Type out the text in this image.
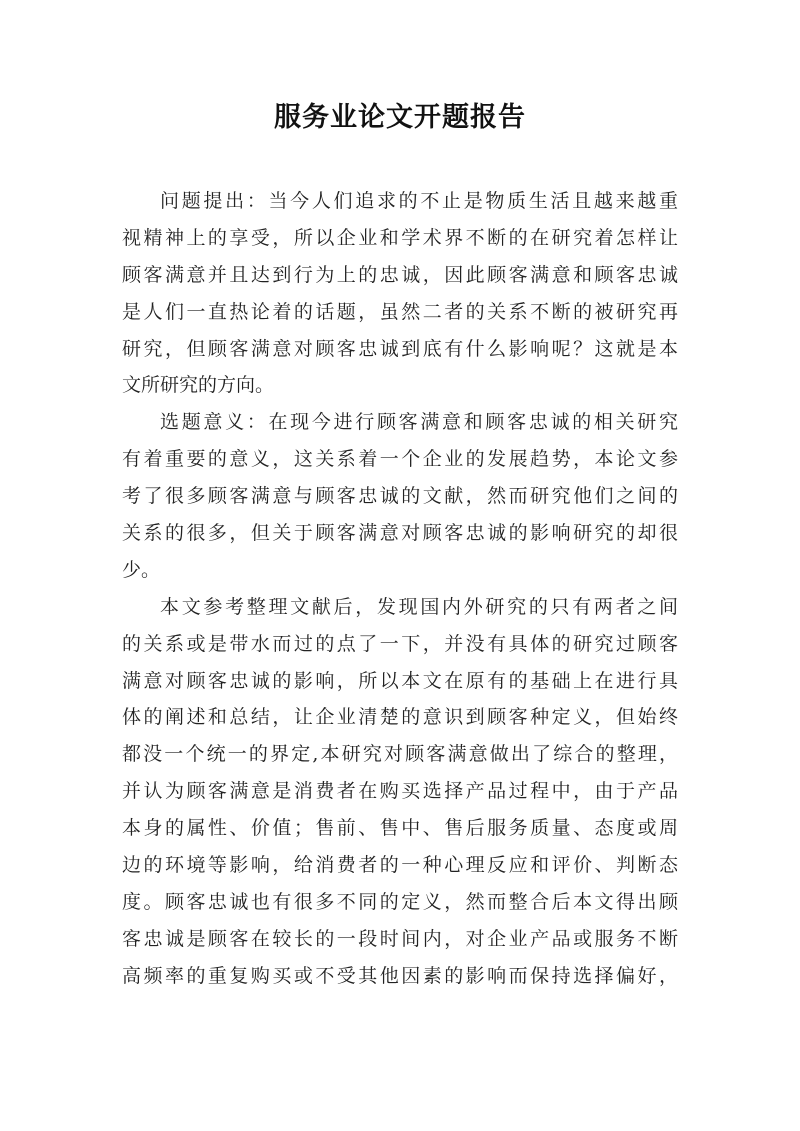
服务业论文开题报告
问题提出：当今人们追求的不止是物质生活且越来越重
视精神上的享受，所以企业和学术界不断的在研究着怎样让
顾客满意并且达到行为上的忠诚，因此顾客满意和顾客忠诚
是人们一直热论着的话题，虽然二者的关系不断的被研究再
研究，但顾客满意对顾客忠诚到底有什么影响呢？这就是本
文所研究的方向。
选题意义：在现今进行顾客满意和顾客忠诚的相关研究
有着重要的意义，这关系着一个企业的发展趋势，本论文参
考了很多顾客满意与顾客忠诚的文献，然而研究他们之间的
关系的很多，但关于顾客满意对顾客忠诚的影响研究的却很
少。
本文参考整理文献后，发现国内外研究的只有两者之间
的关系或是带水而过的点了一下，并没有具体的研究过顾客
满意对顾客忠诚的影响，所以本文在原有的基础上在进行具
体的阐述和总结，让企业清楚的意识到顾客种定义，但始终
都没一个统一的界定,本研究对顾客满意做出了综合的整理，
并认为顾客满意是消费者在购买选择产品过程中，由于产品
本身的属性、价值；售前、售中、售后服务质量、态度或周
边的环境等影响，给消费者的一种心理反应和评价、判断态
度。顾客忠诚也有很多不同的定义，然而整合后本文得出顾
客忠诚是顾客在较长的一段时间内，对企业产品或服务不断
高频率的重复购买或不受其他因素的影响而保持选择偏好，
